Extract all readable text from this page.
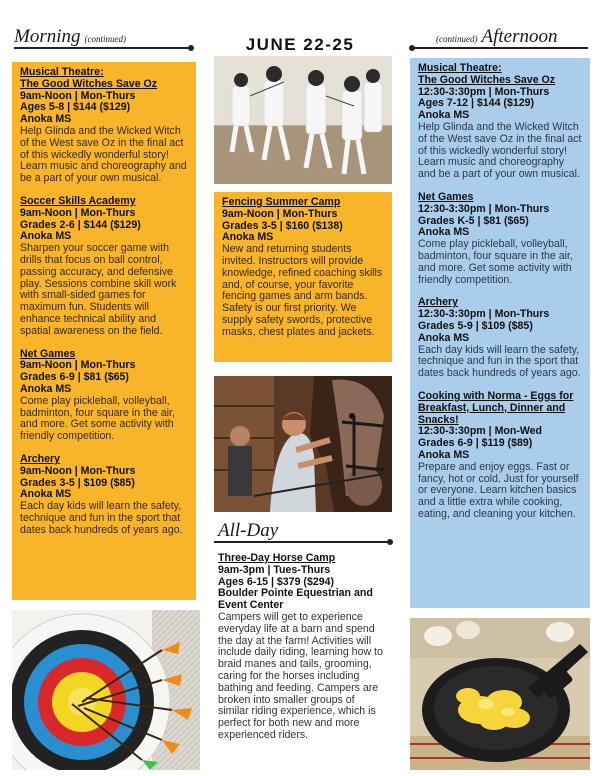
Morning (continued)	JUNE 22-25	(continued) Afternoon
Musical Theatre:
The Good Witches Save Oz
9am-Noon | Mon-Thurs
Ages 5-8 | $144 ($129)
Anoka MS
Help Glinda and the Wicked Witch of the West save Oz in the final act of this wickedly wonderful story! Learn music and choreography and be a part of your own musical.
Soccer Skills Academy
9am-Noon | Mon-Thurs
Grades 2-6 | $144 ($129)
Anoka MS
Sharpen your soccer game with drills that focus on ball control, passing accuracy, and defensive play. Sessions combine skill work with small-sided games for maximum fun. Students will enhance technical ability and spatial awareness on the field.
Net Games
9am-Noon | Mon-Thurs
Grades 6-9 | $81 ($65)
Anoka MS
Come play pickleball, volleyball, badminton, four square in the air, and more. Get some activity with friendly competition.
Archery
9am-Noon | Mon-Thurs
Grades 3-5 | $109 ($85)
Anoka MS
Each day kids will learn the safety, technique and fun in the sport that dates back hundreds of years ago.
Fencing Summer Camp
9am-Noon | Mon-Thurs
Grades 3-5 | $160 ($138)
Anoka MS
New and returning students invited. Instructors will provide knowledge, refined coaching skills and, of course, your favorite fencing games and arm bands. Safety is our first priority. We supply safety swords, protective masks, chest plates and jackets.
All-Day
Three-Day Horse Camp
9am-3pm | Tues-Thurs
Ages 6-15 | $379 ($294)
Boulder Pointe Equestrian and Event Center
Campers will get to experience everyday life at a barn and spend the day at the farm! Activities will include daily riding, learning how to braid manes and tails, grooming, caring for the horses including bathing and feeding. Campers are broken into smaller groups of similar riding experience, which is perfect for both new and more experienced riders.
Musical Theatre:
The Good Witches Save Oz
12:30-3:30pm | Mon-Thurs
Ages 7-12 | $144 ($129)
Anoka MS
Help Glinda and the Wicked Witch of the West save Oz in the final act of this wickedly wonderful story! Learn music and choreography and be a part of your own musical.
Net Games
12:30-3:30pm | Mon-Thurs
Grades K-5 | $81 ($65)
Anoka MS
Come play pickleball, volleyball, badminton, four square in the air, and more. Get some activity with friendly competition.
Archery
12:30-3:30pm | Mon-Thurs
Grades 5-9 | $109 ($85)
Anoka MS
Each day kids will learn the safety, technique and fun in the sport that dates back hundreds of years ago.
Cooking with Norma - Eggs for Breakfast, Lunch, Dinner and Snacks!
12:30-3:30pm | Mon-Wed
Grades 6-9 | $119 ($89)
Anoka MS
Prepare and enjoy eggs. Fast or fancy, hot or cold. Just for yourself or everyone. Learn kitchen basics and a little extra while cooking, eating, and cleaning your kitchen.
